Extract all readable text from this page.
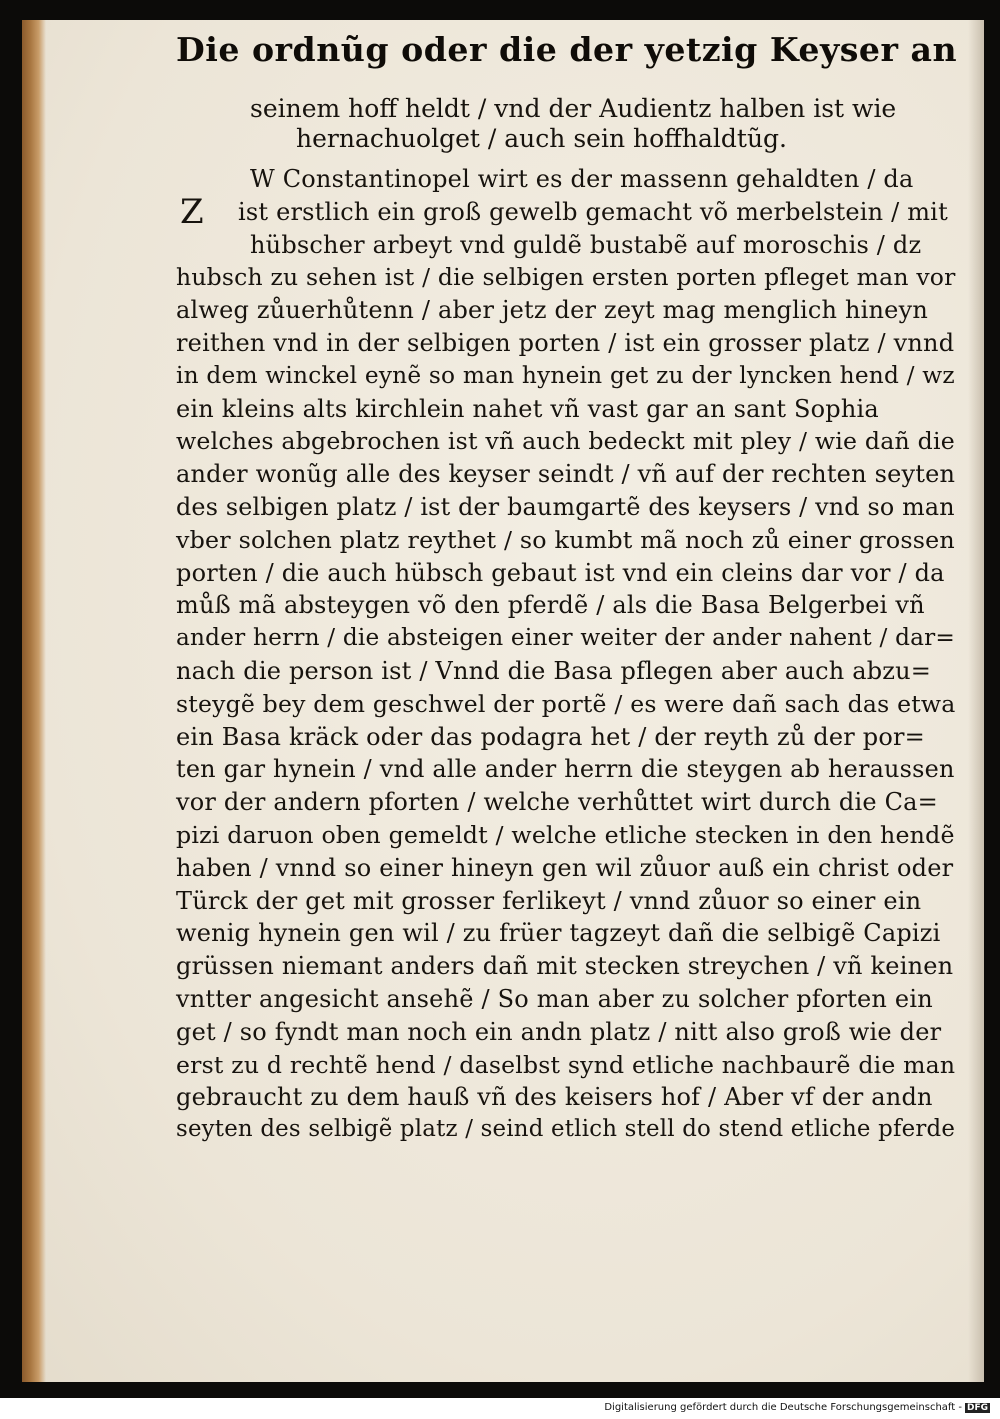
Die ordnũg oder die der yetzig Keyser an
seinem hoff heldt / vnd der Audientz halben ist wie
hernachuolget / auch sein hoffhaldtũg.
Z
W Constantinopel wirt es der massenn gehaldten / da
ist erstlich ein groß gewelb gemacht võ merbelstein / mit
hübscher arbeyt vnd guldẽ bustabẽ auf moroschis / dz
hubsch zu sehen ist / die selbigen ersten porten pfleget man vor
alweg zůuerhůtenn / aber jetz der zeyt mag menglich hineyn
reithen vnd in der selbigen porten / ist ein grosser platz / vnnd
in dem winckel eynẽ so man hynein get zu der lyncken hend / wz
ein kleins alts kirchlein nahet vñ vast gar an sant Sophia
welches abgebrochen ist vñ auch bedeckt mit pley / wie dañ die
ander wonũg alle des keyser seindt / vñ auf der rechten seyten
des selbigen platz / ist der baumgartẽ des keysers / vnd so man
vber solchen platz reythet / so kumbt mã noch zů einer grossen
porten / die auch hübsch gebaut ist vnd ein cleins dar vor / da
můß mã absteygen võ den pferdẽ / als die Basa Belgerbei vñ
ander herrn / die absteigen einer weiter der ander nahent / dar=
nach die person ist / Vnnd die Basa pflegen aber auch abzu=
steygẽ bey dem geschwel der portẽ / es were dañ sach das etwa
ein Basa kräck oder das podagra het / der reyth zů der por=
ten gar hynein / vnd alle ander herrn die steygen ab heraussen
vor der andern pforten / welche verhůttet wirt durch die Ca=
pizi daruon oben gemeldt / welche etliche stecken in den hendẽ
haben / vnnd so einer hineyn gen wil zůuor auß ein christ oder
Türck der get mit grosser ferlikeyt / vnnd zůuor so einer ein
wenig hynein gen wil / zu früer tagzeyt dañ die selbigẽ Capizi
grüssen niemant anders dañ mit stecken streychen / vñ keinen
vntter angesicht ansehẽ / So man aber zu solcher pforten ein
get / so fyndt man noch ein andn platz / nitt also groß wie der
erst zu d rechtẽ hend / daselbst synd etliche nachbaurẽ die man
gebraucht zu dem hauß vñ des keisers hof / Aber vf der andn
seyten des selbigẽ platz / seind etlich stell do stend etliche pferde
Digitalisierung gefördert durch die Deutsche Forschungsgemeinschaft - DFG
